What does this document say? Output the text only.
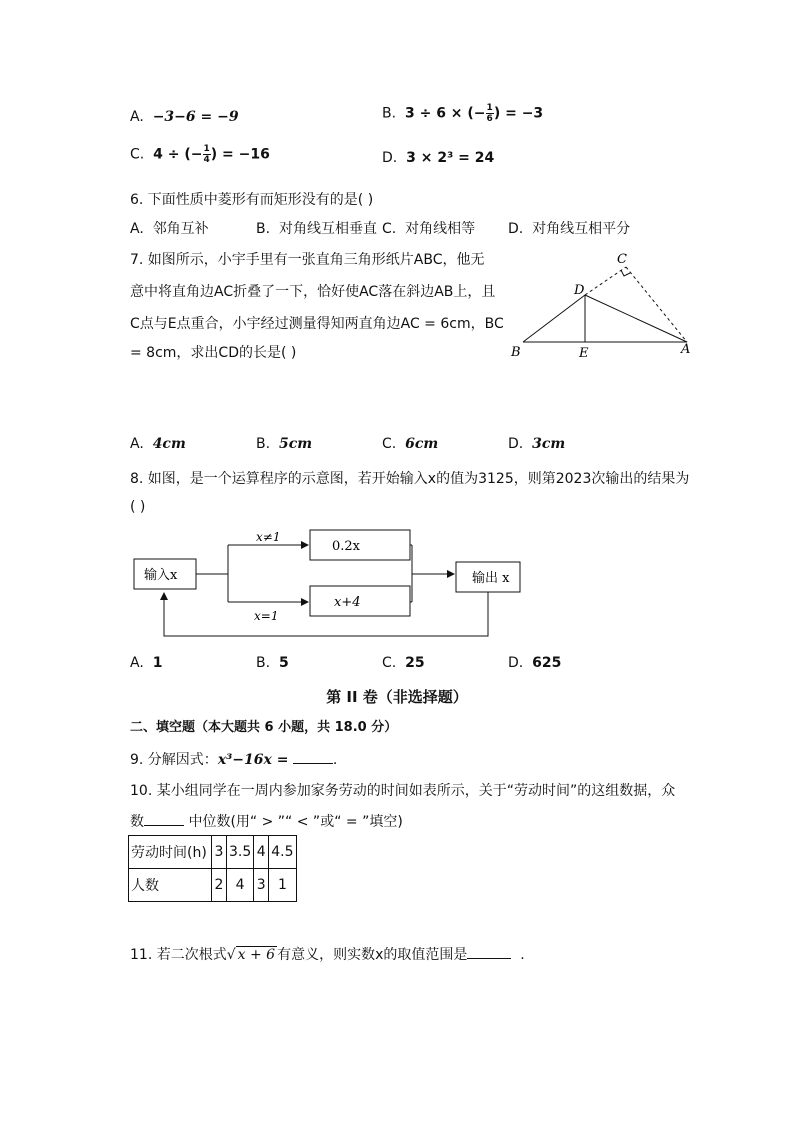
A. −3−6 = −9	B. 3 ÷ 6 × (− $\frac{1}{6}$ ) = −3
C. 4 ÷ (− $\frac{1}{4}$ ) = −16	D. 3 × 2³ = 24
6. 下面性质中菱形有而矩形没有的是( )
A. 邻角互补	B. 对角线互相垂直 C. 对角线相等 D. 对角线互相平分
7. 如图所示，小宇手里有一张直角三角形纸片ABC，他无
意中将直角边AC折叠了一下，恰好使AC落在斜边AB上，且
C点与E点重合，小宇经过测量得知两直角边AC = 6cm，BC
= 8cm，求出CD的长是( )	B	E	A
D
C
A. 4cm	B. 5cm	C. 6cm	D. 3cm
8. 如图，是一个运算程序的示意图，若开始输入x的值为3125，则第2023次输出的结果为
( )
输入x
x≠1
x=1
0.2x
x+4
输出 x
A. 1	B. 5	C. 25	D. 625
第 II 卷（非选择题）
二、填空题（本大题共 6 小题，共 18.0 分）
9. 分解因式：x³−16x =	.
10. 某小组同学在一周内参加家务劳动的时间如表所示，关于“劳动时间”的这组数据，众
数	中位数(用“ > ”“ < ”或“ = ”填空)
劳动时间(h)	3	3.5	4	4.5
人数	2	4	3	1
11. 若二次根式√ x + 6 有意义，则实数x的取值范围是	.
